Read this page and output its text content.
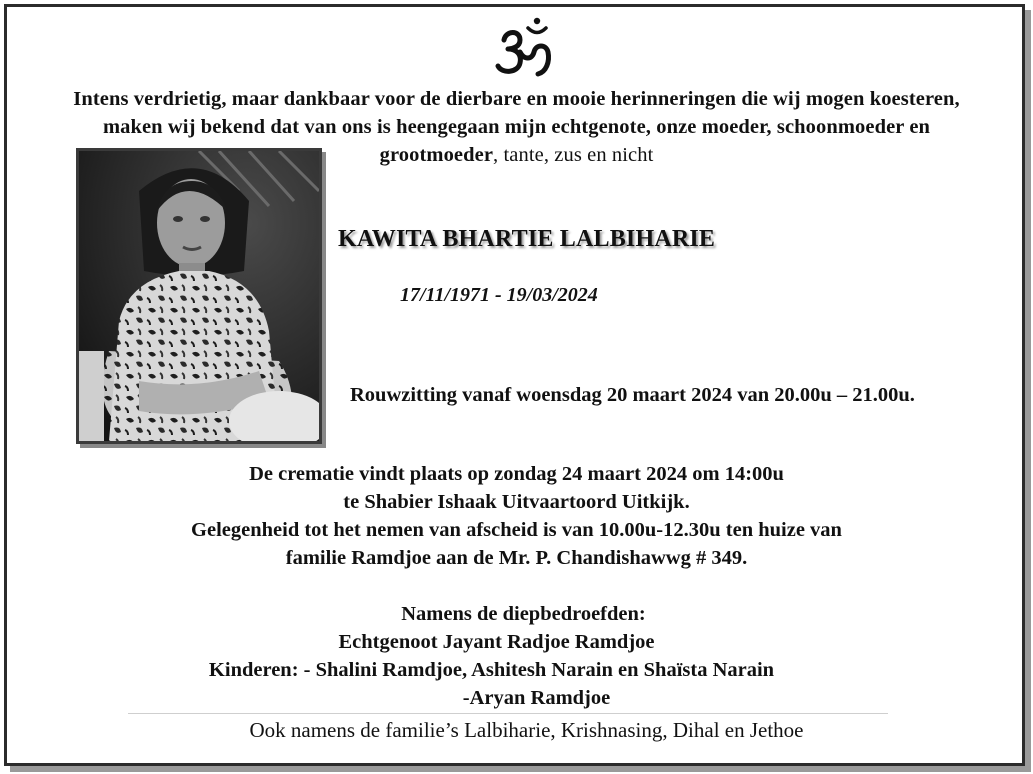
Intens verdrietig, maar dankbaar voor de dierbare en mooie herinneringen die wij mogen koesteren,
maken wij bekend dat van ons is heengegaan mijn echtgenote, onze moeder, schoonmoeder en
grootmoeder, tante, zus en nicht
KAWITA BHARTIE LALBIHARIE
17/11/1971 - 19/03/2024
Rouwzitting vanaf woensdag 20 maart 2024 van 20.00u – 21.00u.
De crematie vindt plaats op zondag 24 maart 2024 om 14:00u
te Shabier Ishaak Uitvaartoord Uitkijk.
Gelegenheid tot het nemen van afscheid is van 10.00u-12.30u ten huize van
familie Ramdjoe aan de Mr. P. Chandishawwg # 349.
Namens de diepbedroefden:
Echtgenoot Jayant Radjoe Ramdjoe
Kinderen: - Shalini Ramdjoe, Ashitesh Narain en Shaïsta Narain
-Aryan Ramdjoe
Ook namens de familie’s Lalbiharie, Krishnasing, Dihal en Jethoe
